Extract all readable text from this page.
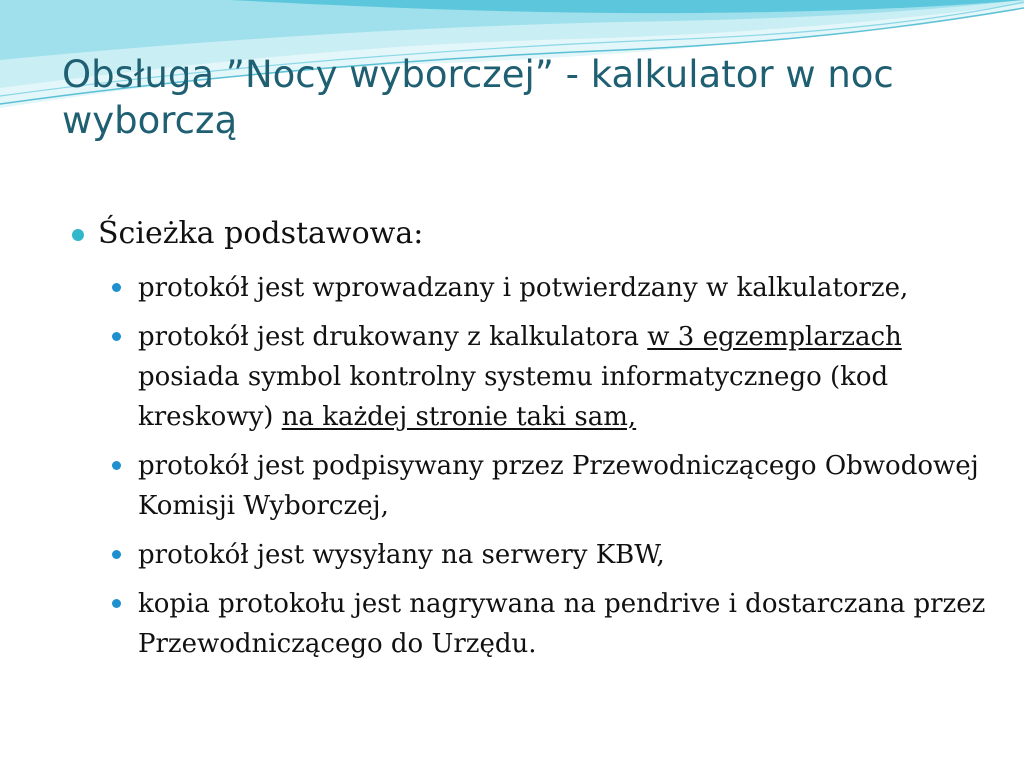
Obsługa ”Nocy wyborczej” - kalkulator w noc wyborczą
Ścieżka podstawowa:
protokół jest wprowadzany i potwierdzany w kalkulatorze,
protokół jest drukowany z kalkulatora w 3 egzemplarzach posiada symbol kontrolny systemu informatycznego (kod kreskowy) na każdej stronie taki sam,
protokół jest podpisywany przez Przewodniczącego Obwodowej Komisji Wyborczej,
protokół jest wysyłany na serwery KBW,
kopia protokołu jest nagrywana na pendrive i dostarczana przez Przewodniczącego do Urzędu.
